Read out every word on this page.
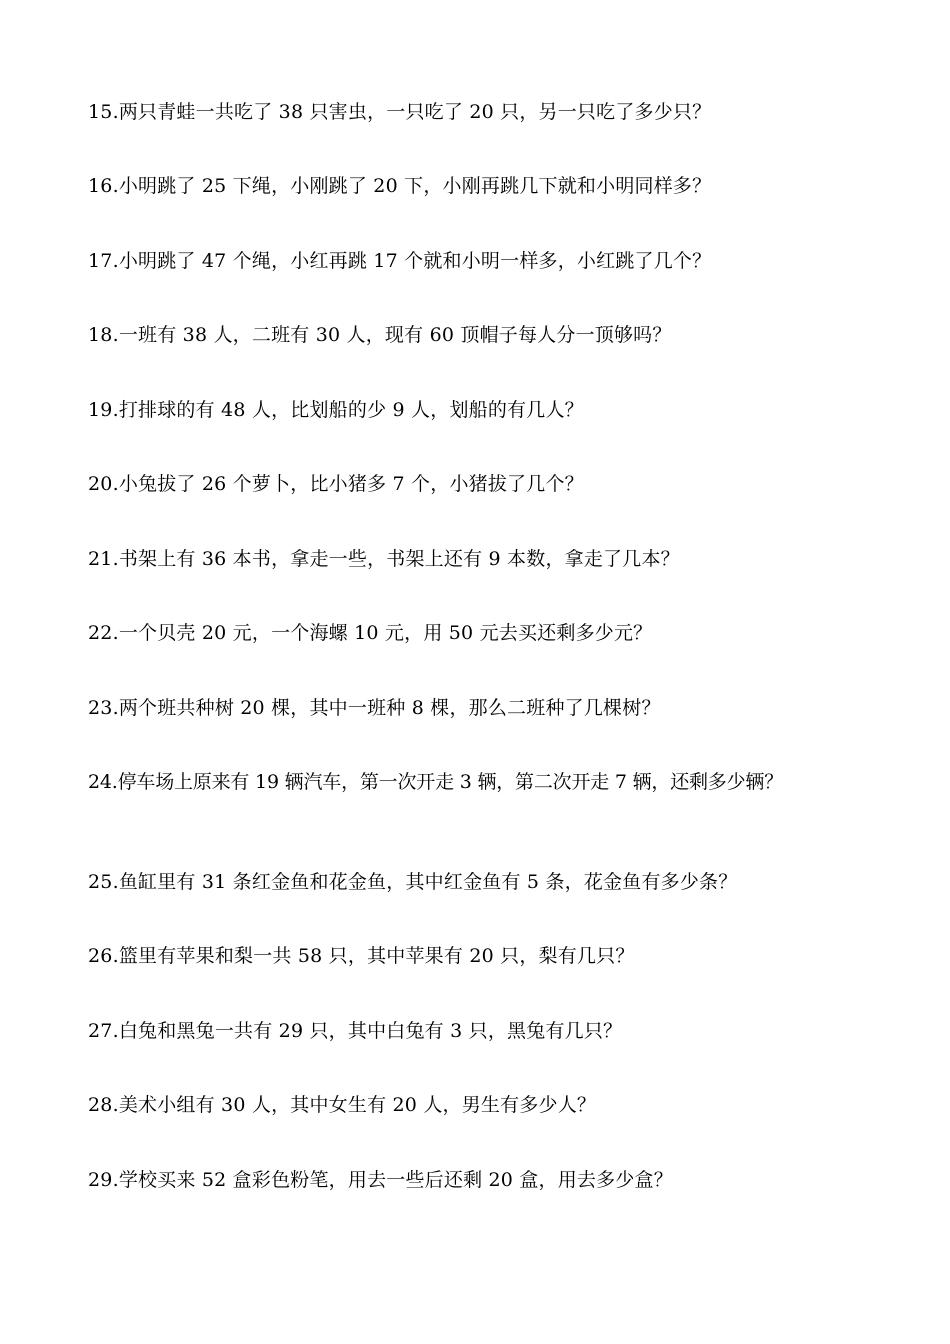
15.两只青蛙一共吃了 38 只害虫，一只吃了 20 只，另一只吃了多少只？
16.小明跳了 25 下绳，小刚跳了 20 下，小刚再跳几下就和小明同样多？
17.小明跳了 47 个绳，小红再跳 17 个就和小明一样多，小红跳了几个？
18.一班有 38 人，二班有 30 人，现有 60 顶帽子每人分一顶够吗？
19.打排球的有 48 人，比划船的少 9 人，划船的有几人？
20.小兔拔了 26 个萝卜，比小猪多 7 个，小猪拔了几个？
21.书架上有 36 本书，拿走一些，书架上还有 9 本数，拿走了几本？
22.一个贝壳 20 元，一个海螺 10 元，用 50 元去买还剩多少元？
23.两个班共种树 20 棵，其中一班种 8 棵，那么二班种了几棵树？
24.停车场上原来有 19 辆汽车，第一次开走 3 辆，第二次开走 7 辆，还剩多少辆？
25.鱼缸里有 31 条红金鱼和花金鱼，其中红金鱼有 5 条，花金鱼有多少条？
26.篮里有苹果和梨一共 58 只，其中苹果有 20 只，梨有几只？
27.白兔和黑兔一共有 29 只，其中白兔有 3 只，黑兔有几只？
28.美术小组有 30 人，其中女生有 20 人，男生有多少人？
29.学校买来 52 盒彩色粉笔，用去一些后还剩 20 盒，用去多少盒？
